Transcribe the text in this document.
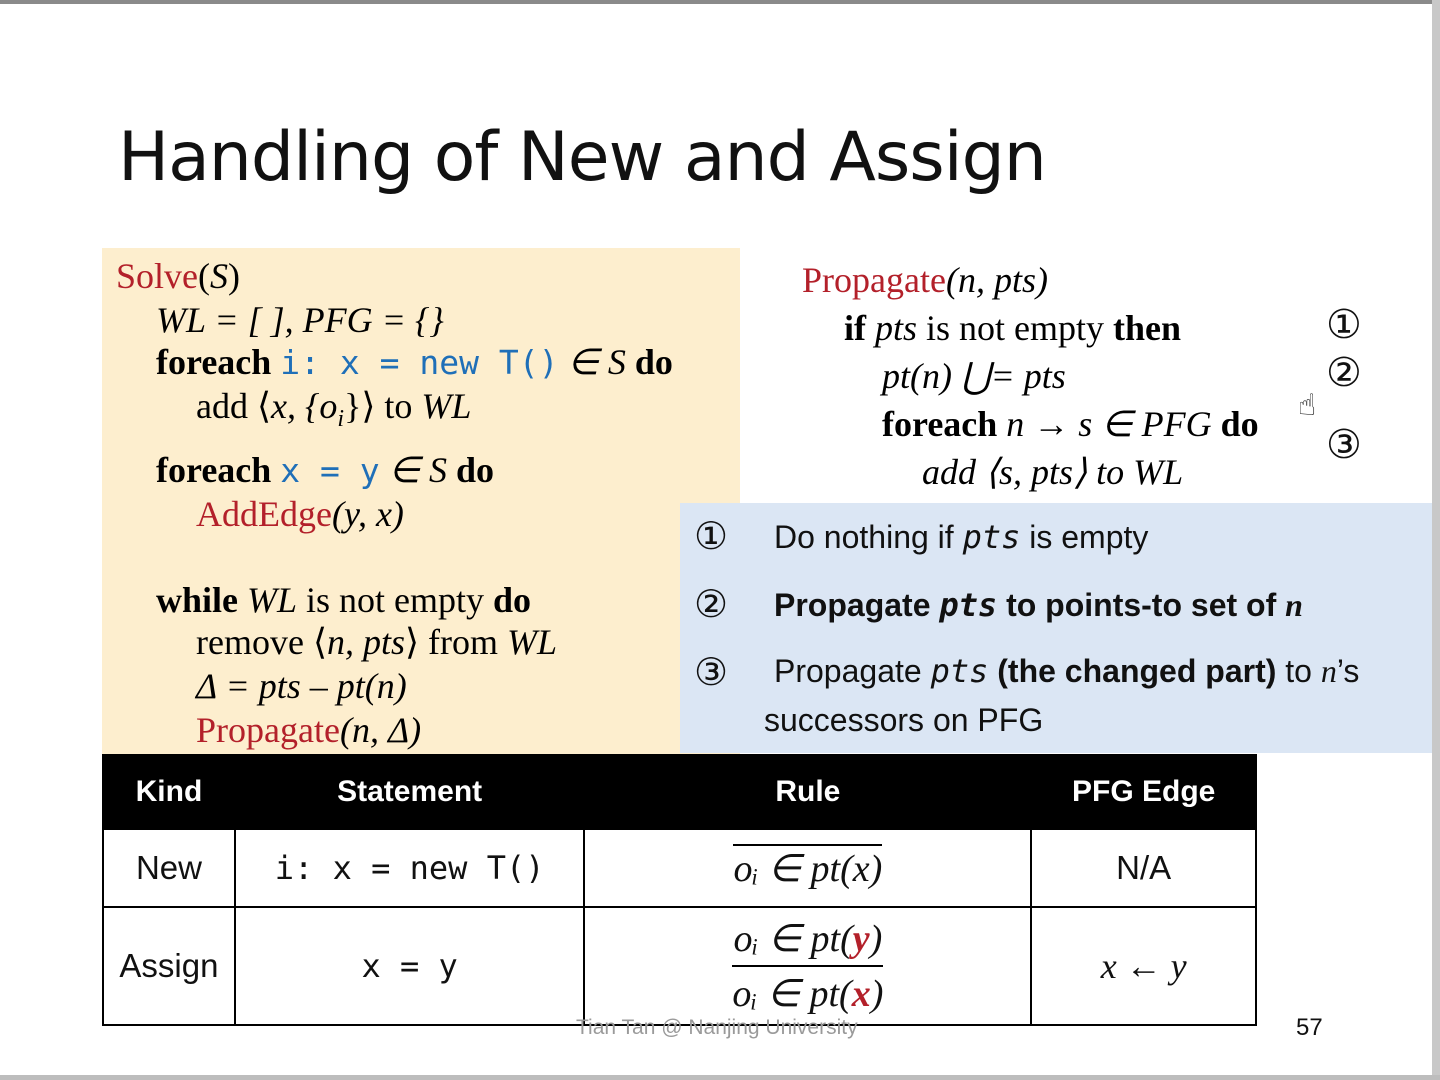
Handling of New and Assign
Solve(S)
WL = [ ], PFG = {}
foreach i: x = new T() ∈ S do
add ⟨x, $\{o_i\}⟩$ to WL
foreach x = y ∈ S do
AddEdge(y, x)
while WL is not empty do
remove ⟨n, pts⟩ from WL
Δ = pts – pt(n)
Propagate(n, Δ)
Propagate(n, pts)
if pts is not empty then
pt(n) ⋃= pts
foreach n → s ∈ PFG do
add ⟨s, pts⟩ to WL
①
②
③
☝
① Do nothing if pts is empty
② Propagate pts to points-to set of n
③ Propagate pts (the changed part) to n’s
successors on PFG
Kind	Statement	Rule	PFG Edge
New	i: x = new T()	oᵢ ∈ pt(x)	N/A
Assign	x = y	$\frac{\text{oᵢ ∈ pt(y)}}{\text{oᵢ ∈ pt(x)}}$	x ← y
Tian Tan @ Nanjing University	57
